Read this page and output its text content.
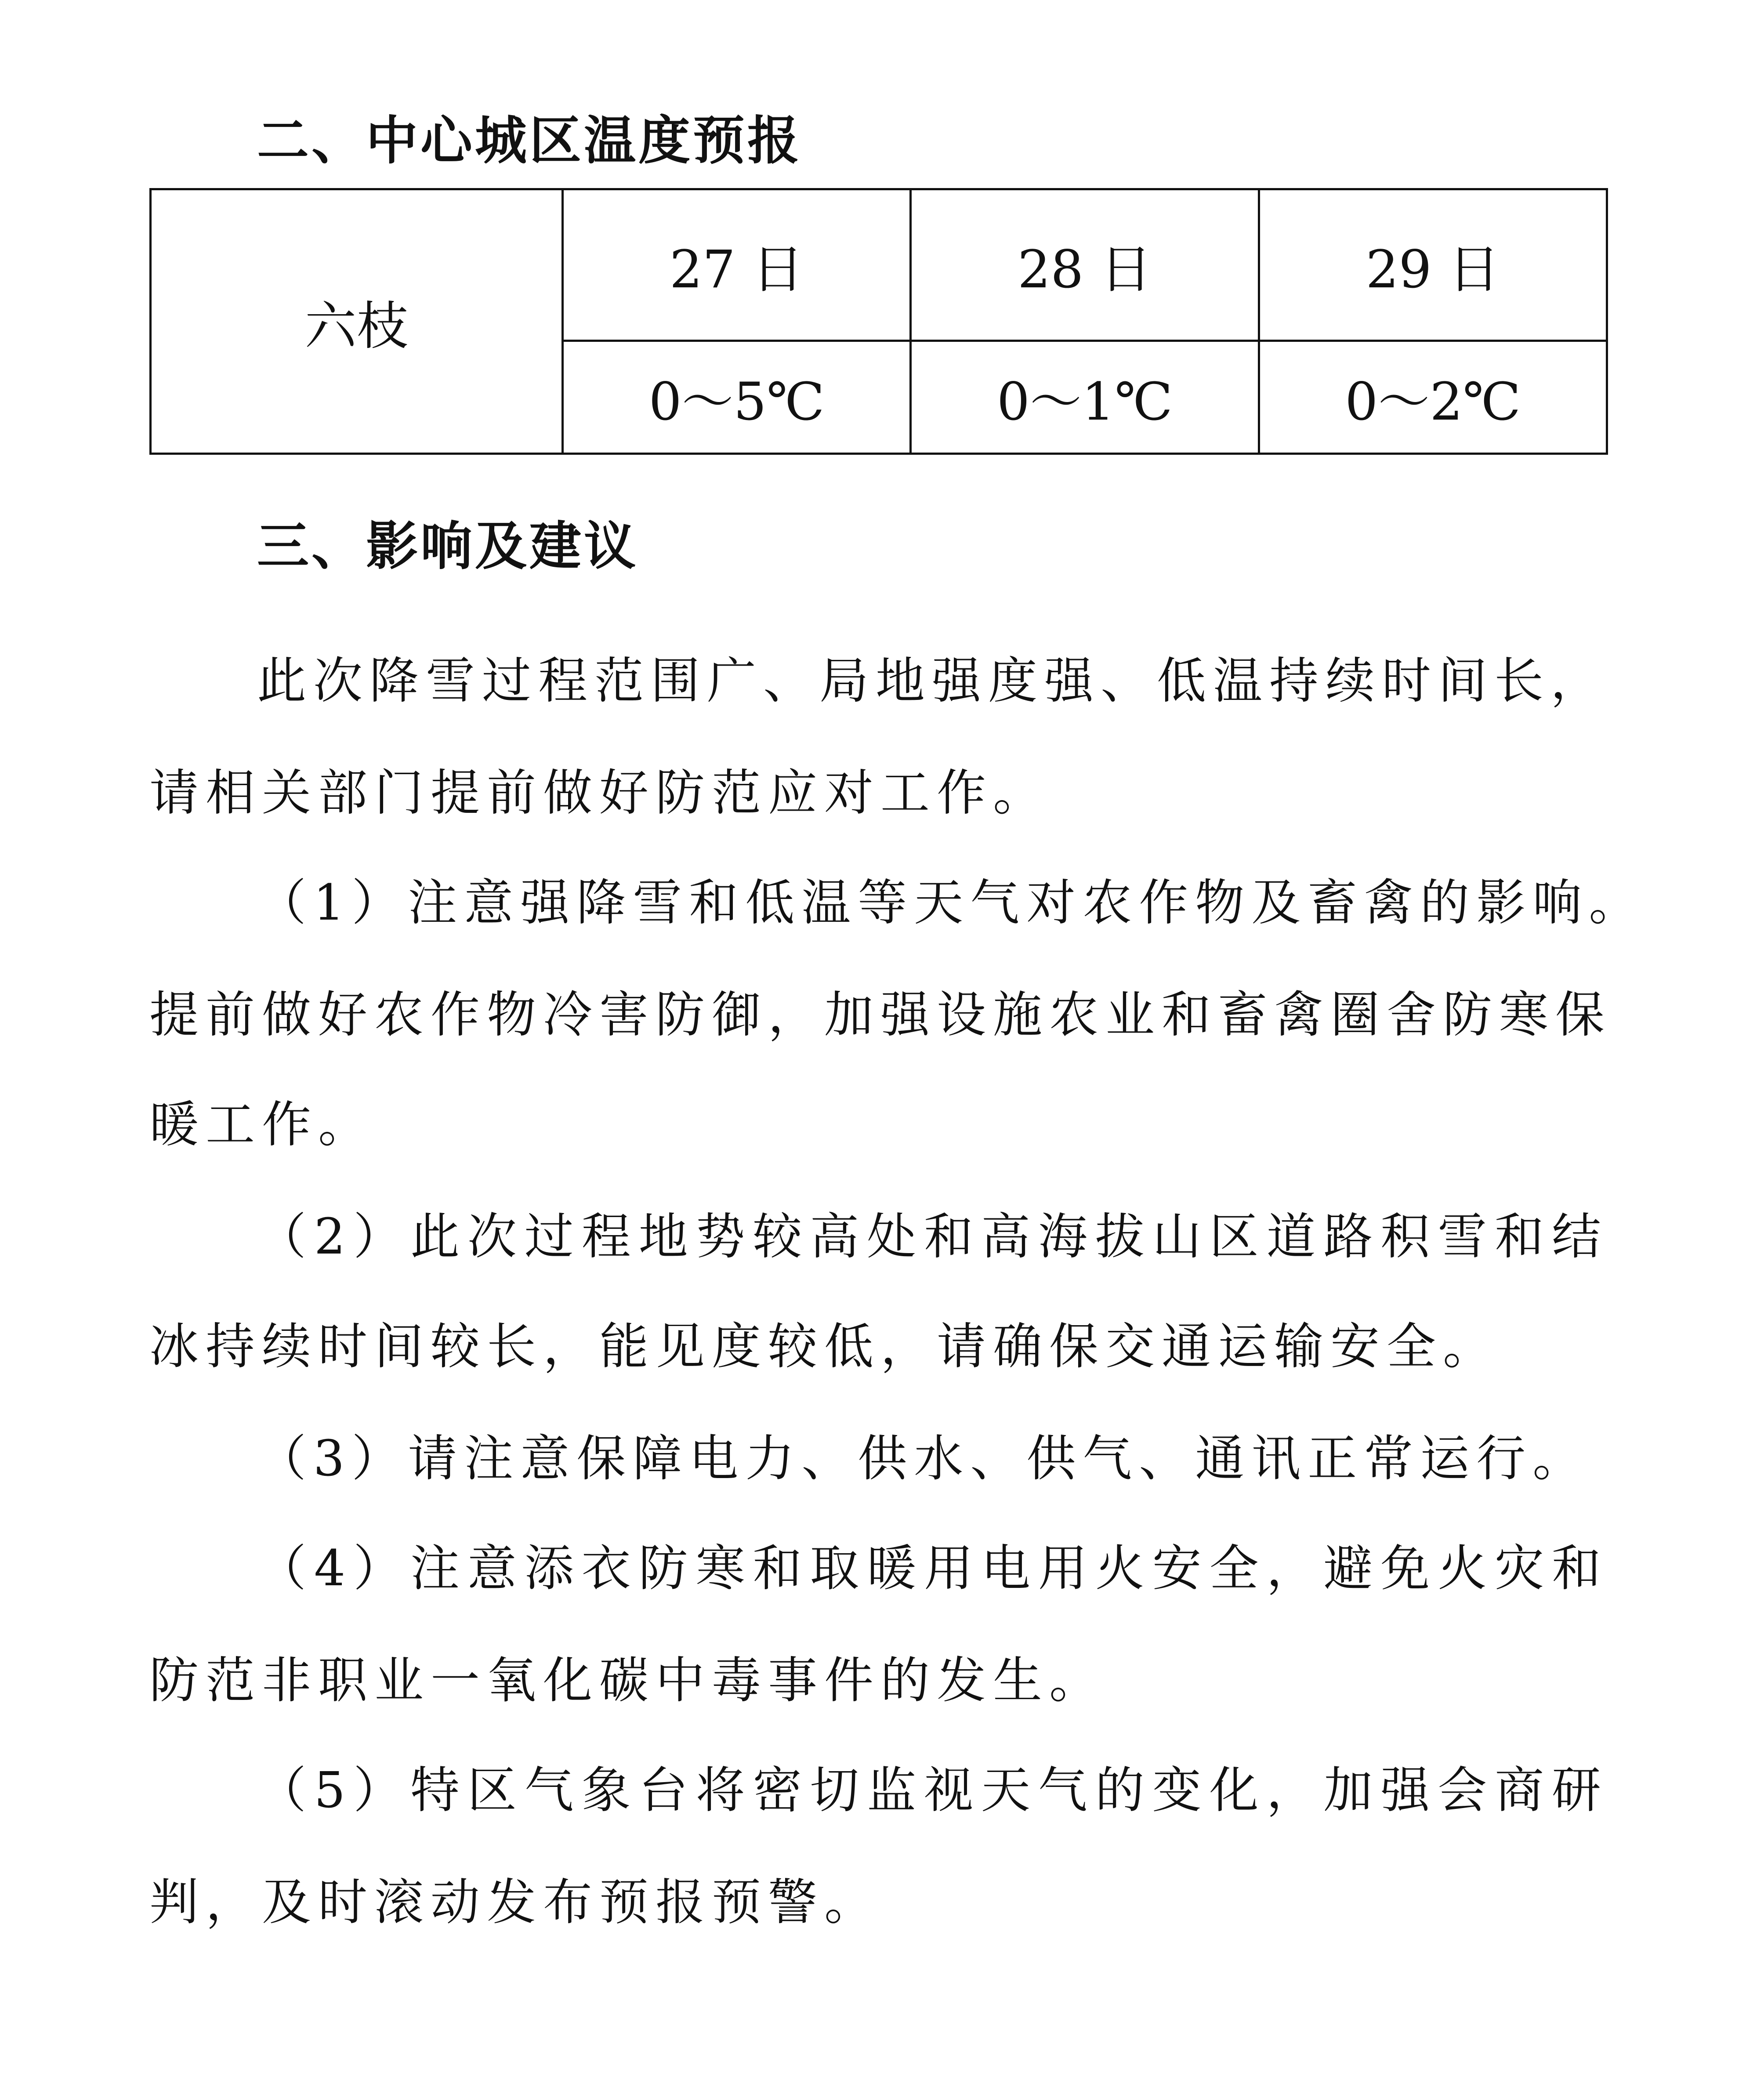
二、中心城区温度预报
六枝	27 日	28 日	29 日
	0～5℃	0～1℃	0～2℃
三、影响及建议
此次降雪过程范围广、局地强度强、低温持续时间长，
请相关部门提前做好防范应对工作。
（1）注意强降雪和低温等天气对农作物及畜禽的影响。
提前做好农作物冷害防御，加强设施农业和畜禽圈舍防寒保
暖工作。
（2）此次过程地势较高处和高海拔山区道路积雪和结
冰持续时间较长，能见度较低，请确保交通运输安全。
（3）请注意保障电力、供水、供气、通讯正常运行。
（4）注意添衣防寒和取暖用电用火安全，避免火灾和
防范非职业一氧化碳中毒事件的发生。
（5）特区气象台将密切监视天气的变化，加强会商研
判，及时滚动发布预报预警。
